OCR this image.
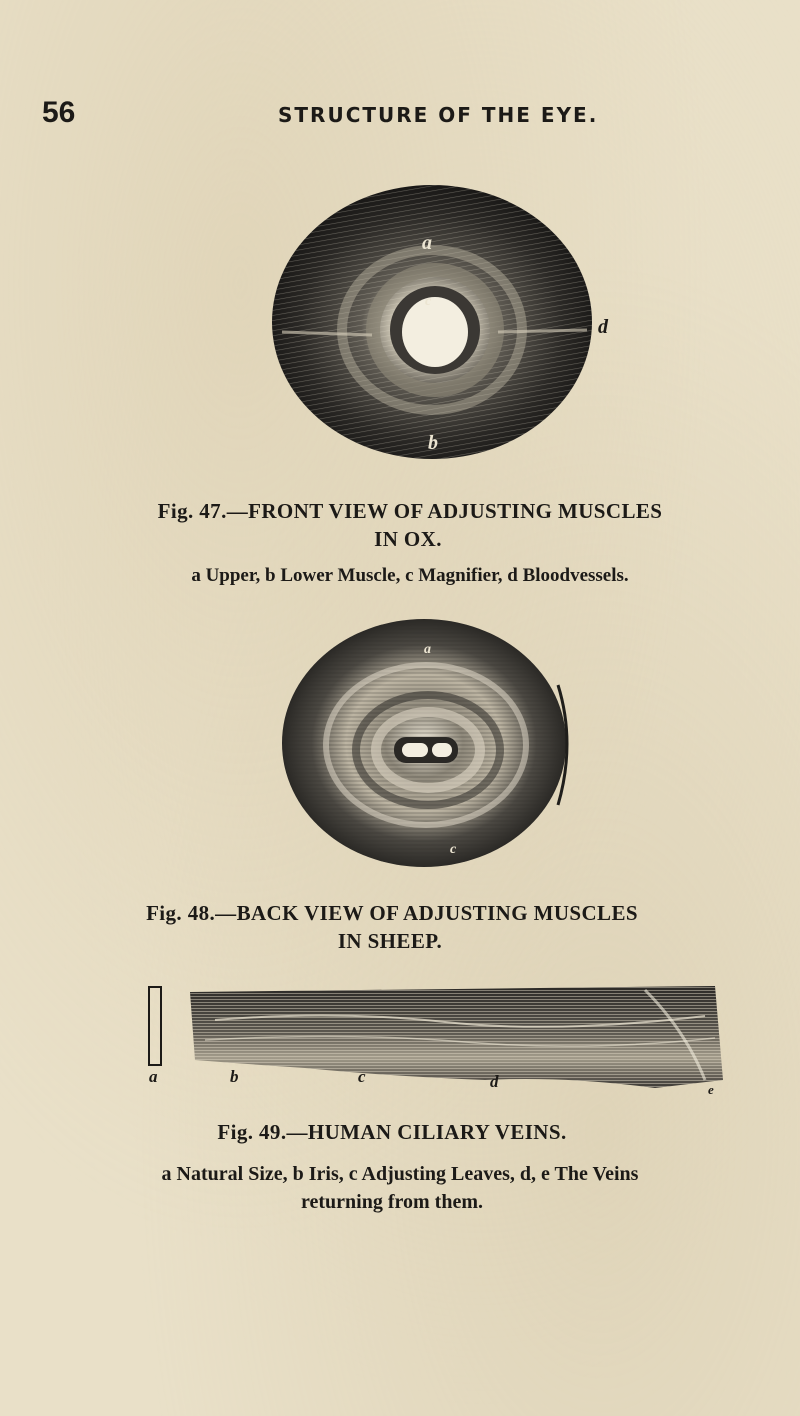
56	STRUCTURE OF THE EYE.
a
c
b
d
Fig. 47.—FRONT VIEW OF ADJUSTING MUSCLES
IN OX.
a Upper, b Lower Muscle, c Magnifier, d Bloodvessels.
a
c
Fig. 48.—BACK VIEW OF ADJUSTING MUSCLES
IN SHEEP.
a	b	c	d	e
Fig. 49.—HUMAN CILIARY VEINS.
a Natural Size, b Iris, c Adjusting Leaves, d, e The Veins
returning from them.
